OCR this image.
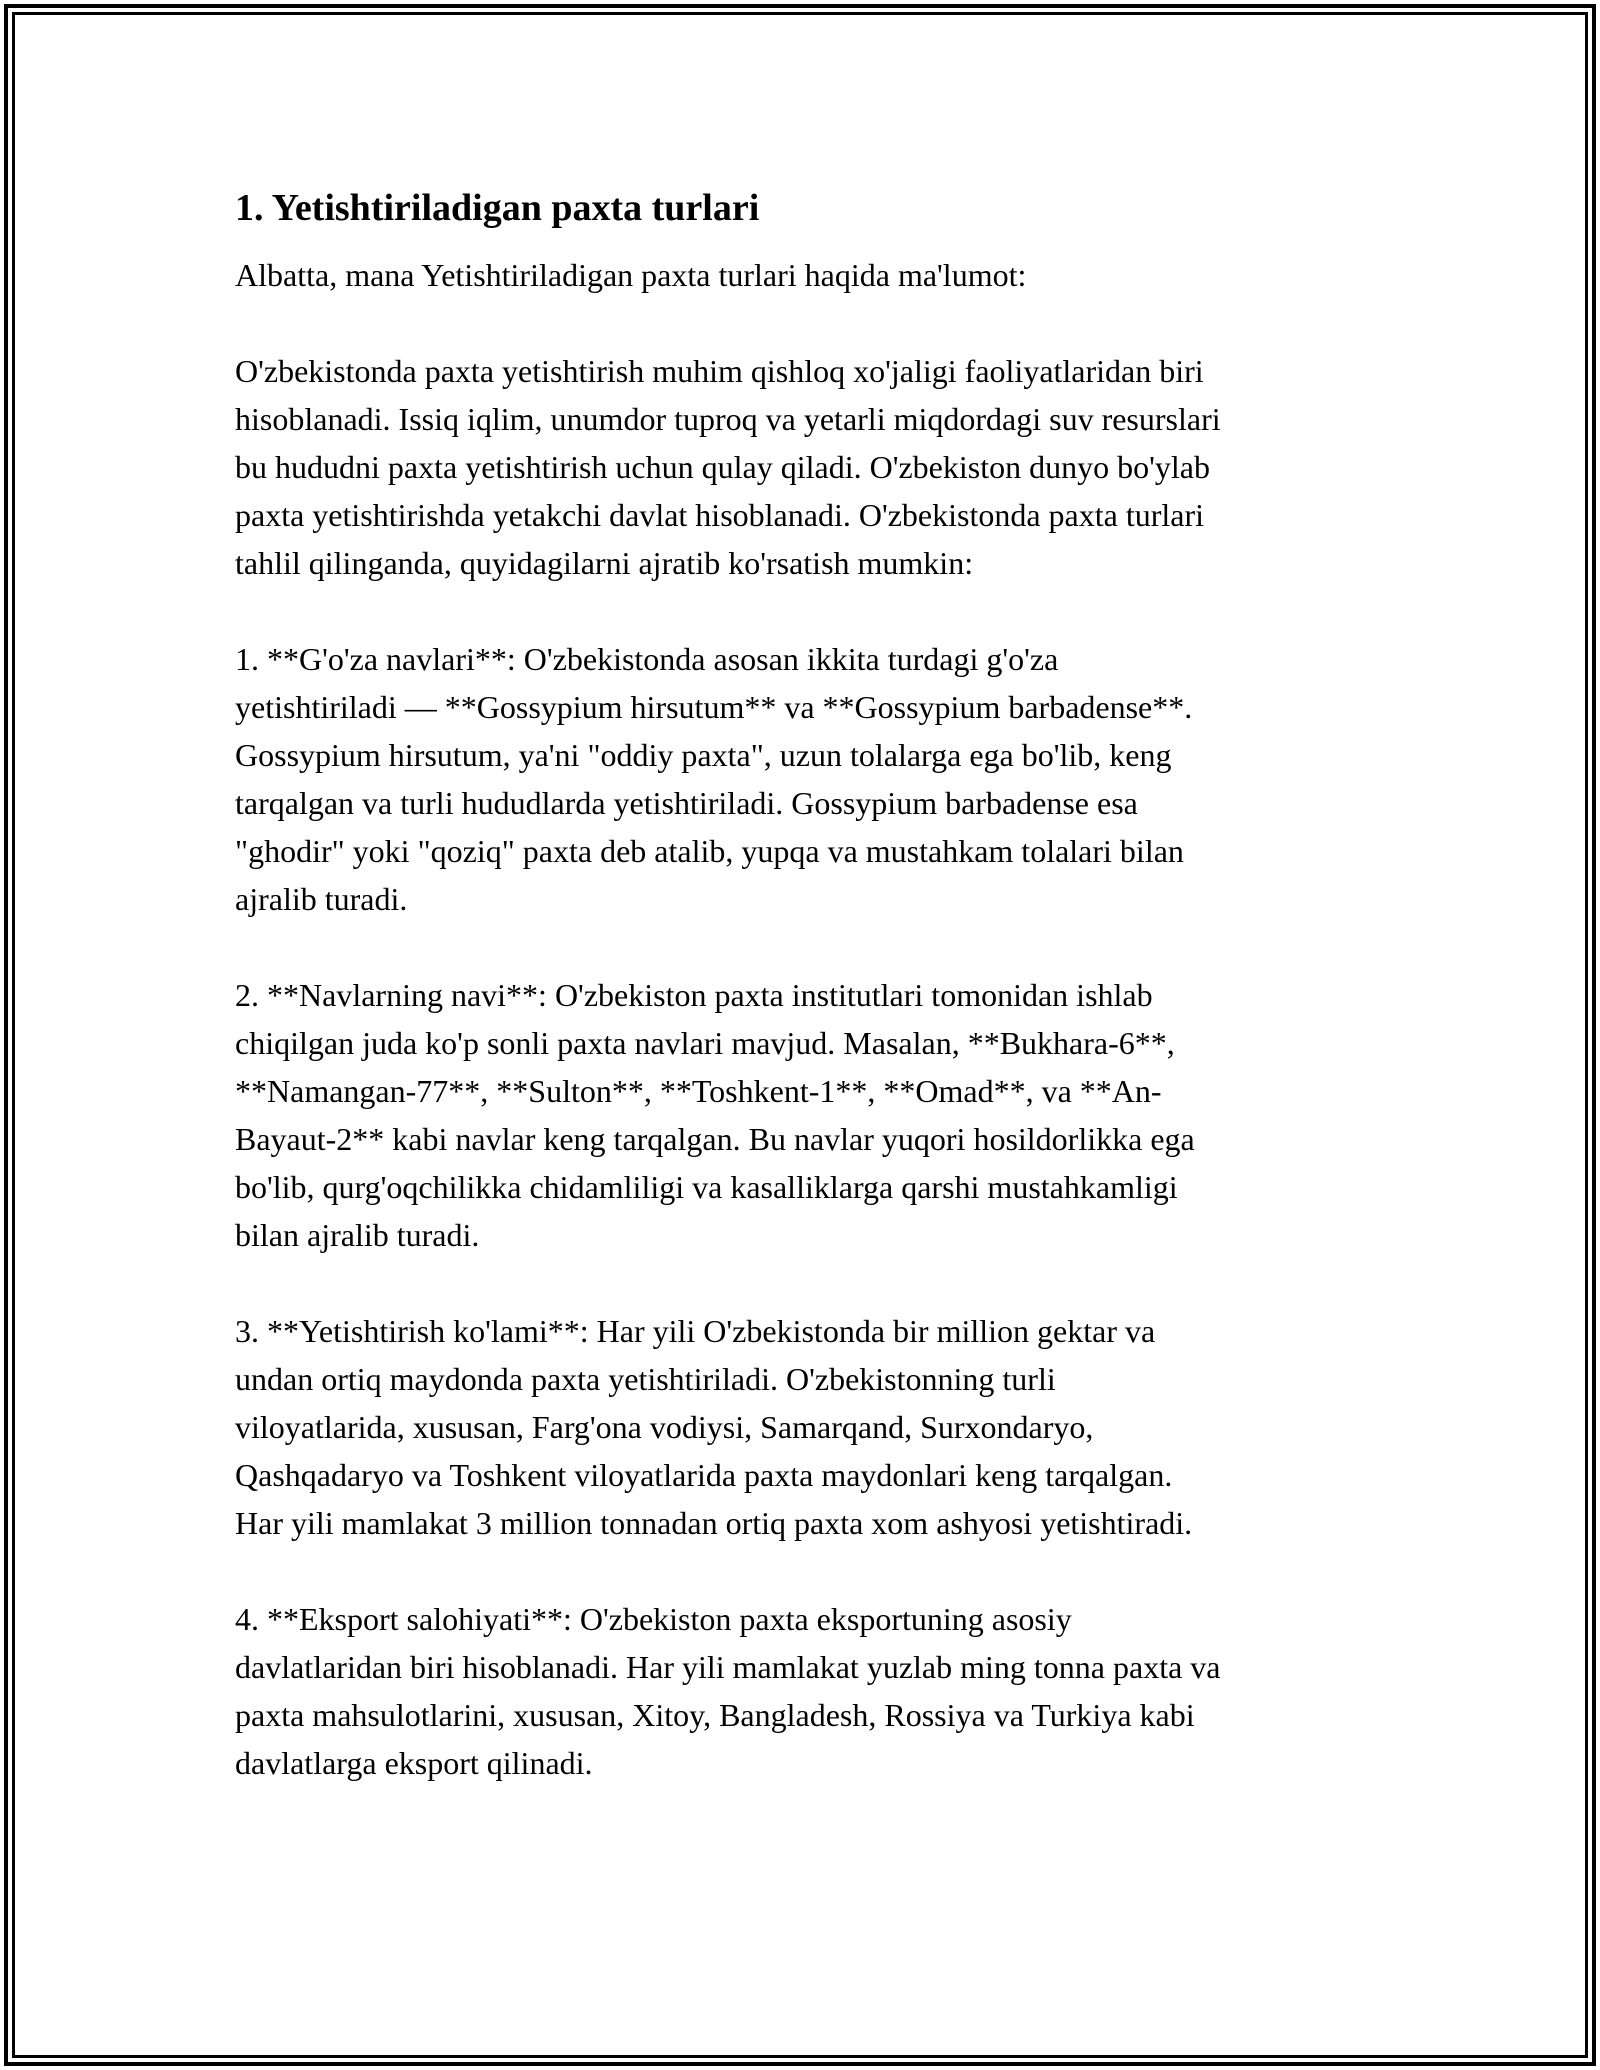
1. Yetishtiriladigan paxta turlari

Albatta, mana Yetishtiriladigan paxta turlari haqida ma'lumot:

O'zbekistonda paxta yetishtirish muhim qishloq xo'jaligi faoliyatlaridan biri
hisoblanadi. Issiq iqlim, unumdor tuproq va yetarli miqdordagi suv resurslari
bu hududni paxta yetishtirish uchun qulay qiladi. O'zbekiston dunyo bo'ylab
paxta yetishtirishda yetakchi davlat hisoblanadi. O'zbekistonda paxta turlari
tahlil qilinganda, quyidagilarni ajratib ko'rsatish mumkin:

1. **G'o'za navlari**: O'zbekistonda asosan ikkita turdagi g'o'za
yetishtiriladi — **Gossypium hirsutum** va **Gossypium barbadense**.
Gossypium hirsutum, ya'ni "oddiy paxta", uzun tolalarga ega bo'lib, keng
tarqalgan va turli hududlarda yetishtiriladi. Gossypium barbadense esa
"ghodir" yoki "qoziq" paxta deb atalib, yupqa va mustahkam tolalari bilan
ajralib turadi.

2. **Navlarning navi**: O'zbekiston paxta institutlari tomonidan ishlab
chiqilgan juda ko'p sonli paxta navlari mavjud. Masalan, **Bukhara-6**,
**Namangan-77**, **Sulton**, **Toshkent-1**, **Omad**, va **An-
Bayaut-2** kabi navlar keng tarqalgan. Bu navlar yuqori hosildorlikka ega
bo'lib, qurg'oqchilikka chidamliligi va kasalliklarga qarshi mustahkamligi
bilan ajralib turadi.

3. **Yetishtirish ko'lami**: Har yili O'zbekistonda bir million gektar va
undan ortiq maydonda paxta yetishtiriladi. O'zbekistonning turli
viloyatlarida, xususan, Farg'ona vodiysi, Samarqand, Surxondaryo,
Qashqadaryo va Toshkent viloyatlarida paxta maydonlari keng tarqalgan.
Har yili mamlakat 3 million tonnadan ortiq paxta xom ashyosi yetishtiradi.

4. **Eksport salohiyati**: O'zbekiston paxta eksportuning asosiy
davlatlaridan biri hisoblanadi. Har yili mamlakat yuzlab ming tonna paxta va
paxta mahsulotlarini, xususan, Xitoy, Bangladesh, Rossiya va Turkiya kabi
davlatlarga eksport qilinadi.
